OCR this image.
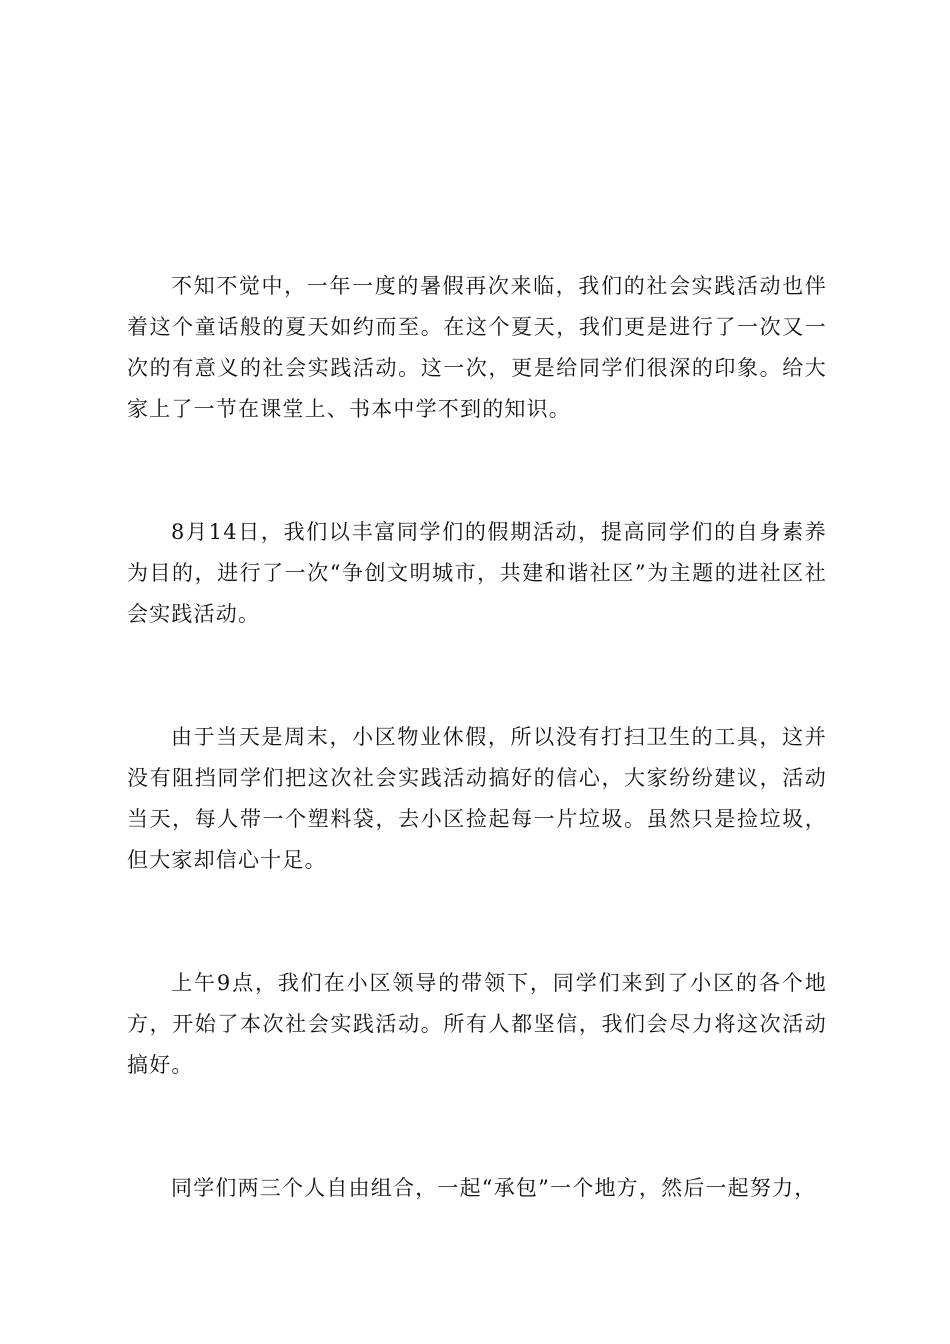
不知不觉中，一年一度的暑假再次来临，我们的社会实践活动也伴着这个童话般的夏天如约而至。在这个夏天，我们更是进行了一次又一次的有意义的社会实践活动。这一次，更是给同学们很深的印象。给大家上了一节在课堂上、书本中学不到的知识。

8月14日，我们以丰富同学们的假期活动，提高同学们的自身素养为目的，进行了一次“争创文明城市，共建和谐社区”为主题的进社区社会实践活动。

由于当天是周末，小区物业休假，所以没有打扫卫生的工具，这并没有阻挡同学们把这次社会实践活动搞好的信心，大家纷纷建议，活动当天，每人带一个塑料袋，去小区捡起每一片垃圾。虽然只是捡垃圾，但大家却信心十足。

上午9点，我们在小区领导的带领下，同学们来到了小区的各个地方，开始了本次社会实践活动。所有人都坚信，我们会尽力将这次活动搞好。

同学们两三个人自由组合，一起“承包”一个地方，然后一起努力，
